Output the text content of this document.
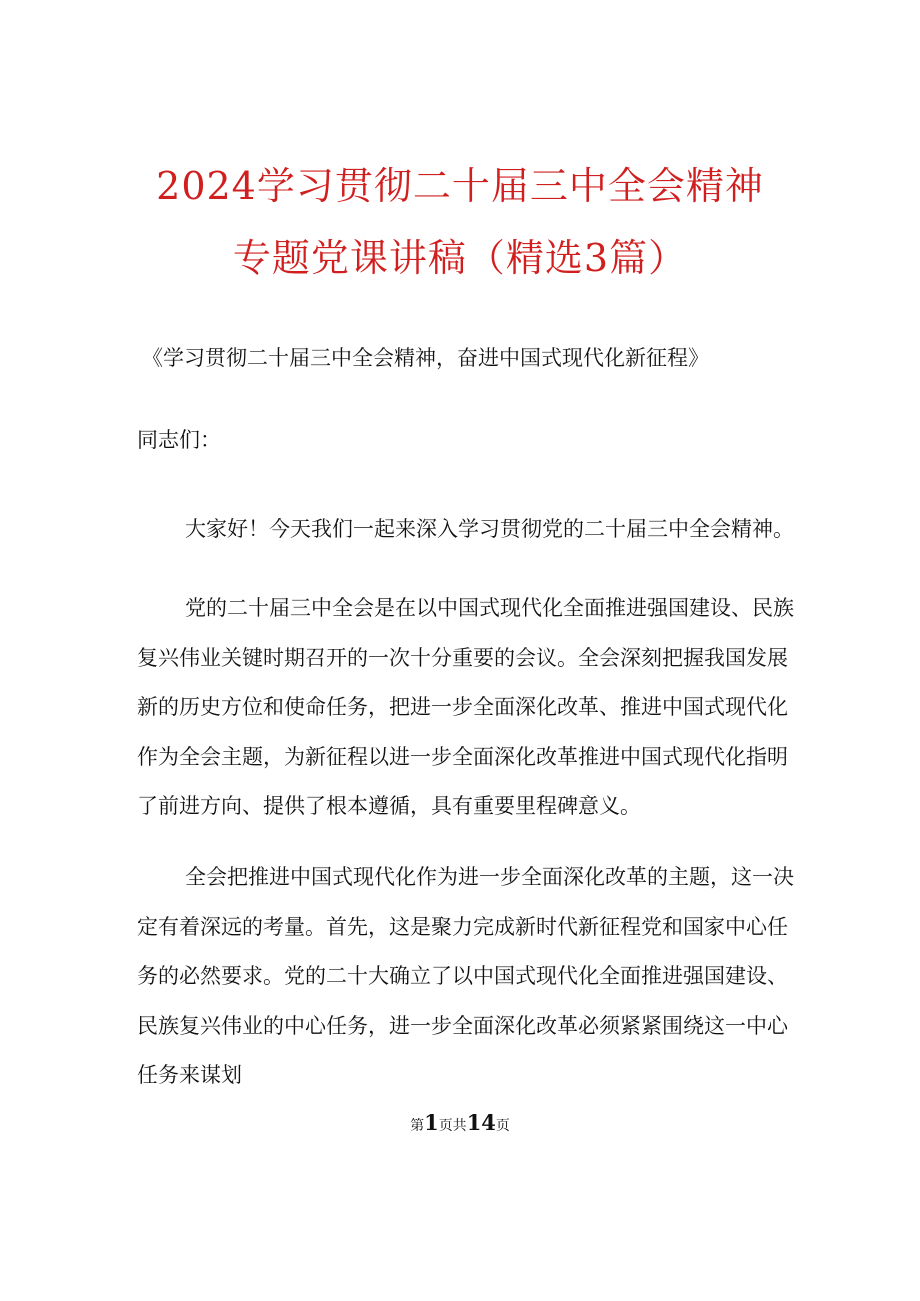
2024学习贯彻二十届三中全会精神
专题党课讲稿（精选3篇）
《学习贯彻二十届三中全会精神，奋进中国式现代化新征程》
同志们：

大家好！今天我们一起来深入学习贯彻党的二十届三中全会精神。

党的二十届三中全会是在以中国式现代化全面推进强国建设、民族复兴伟业关键时期召开的一次十分重要的会议。全会深刻把握我国发展新的历史方位和使命任务，把进一步全面深化改革、推进中国式现代化作为全会主题，为新征程以进一步全面深化改革推进中国式现代化指明了前进方向、提供了根本遵循，具有重要里程碑意义。

全会把推进中国式现代化作为进一步全面深化改革的主题，这一决定有着深远的考量。首先，这是聚力完成新时代新征程党和国家中心任务的必然要求。党的二十大确立了以中国式现代化全面推进强国建设、民族复兴伟业的中心任务，进一步全面深化改革必须紧紧围绕这一中心任务来谋划

第1页共14页
